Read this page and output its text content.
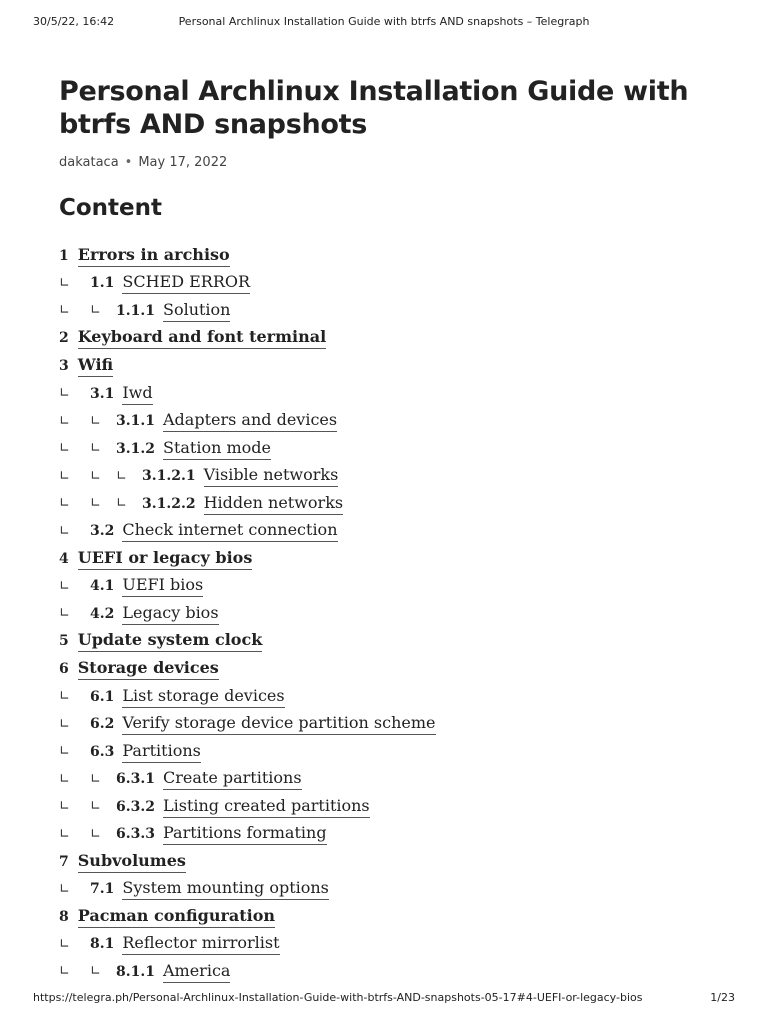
30/5/22, 16:42	Personal Archlinux Installation Guide with btrfs AND snapshots – Telegraph
Personal Archlinux Installation Guide with btrfs AND snapshots
dakataca • May 17, 2022
Content
1 Errors in archiso
∟	1.1 SCHED ERROR
∟	∟ 1.1.1 Solution
2 Keyboard and font terminal
3 Wifi
∟	3.1 Iwd
∟	∟ 3.1.1 Adapters and devices
∟	∟ 3.1.2 Station mode
∟	∟ ∟ 3.1.2.1 Visible networks
∟	∟ ∟ 3.1.2.2 Hidden networks
∟	3.2 Check internet connection
4 UEFI or legacy bios
∟	4.1 UEFI bios
∟	4.2 Legacy bios
5 Update system clock
6 Storage devices
∟	6.1 List storage devices
∟	6.2 Verify storage device partition scheme
∟	6.3 Partitions
∟	∟ 6.3.1 Create partitions
∟	∟ 6.3.2 Listing created partitions
∟	∟ 6.3.3 Partitions formating
7 Subvolumes
∟	7.1 System mounting options
8 Pacman configuration
∟	8.1 Reflector mirrorlist
∟	∟ 8.1.1 America
https://telegra.ph/Personal-Archlinux-Installation-Guide-with-btrfs-AND-snapshots-05-17#4-UEFI-or-legacy-bios	1/23
